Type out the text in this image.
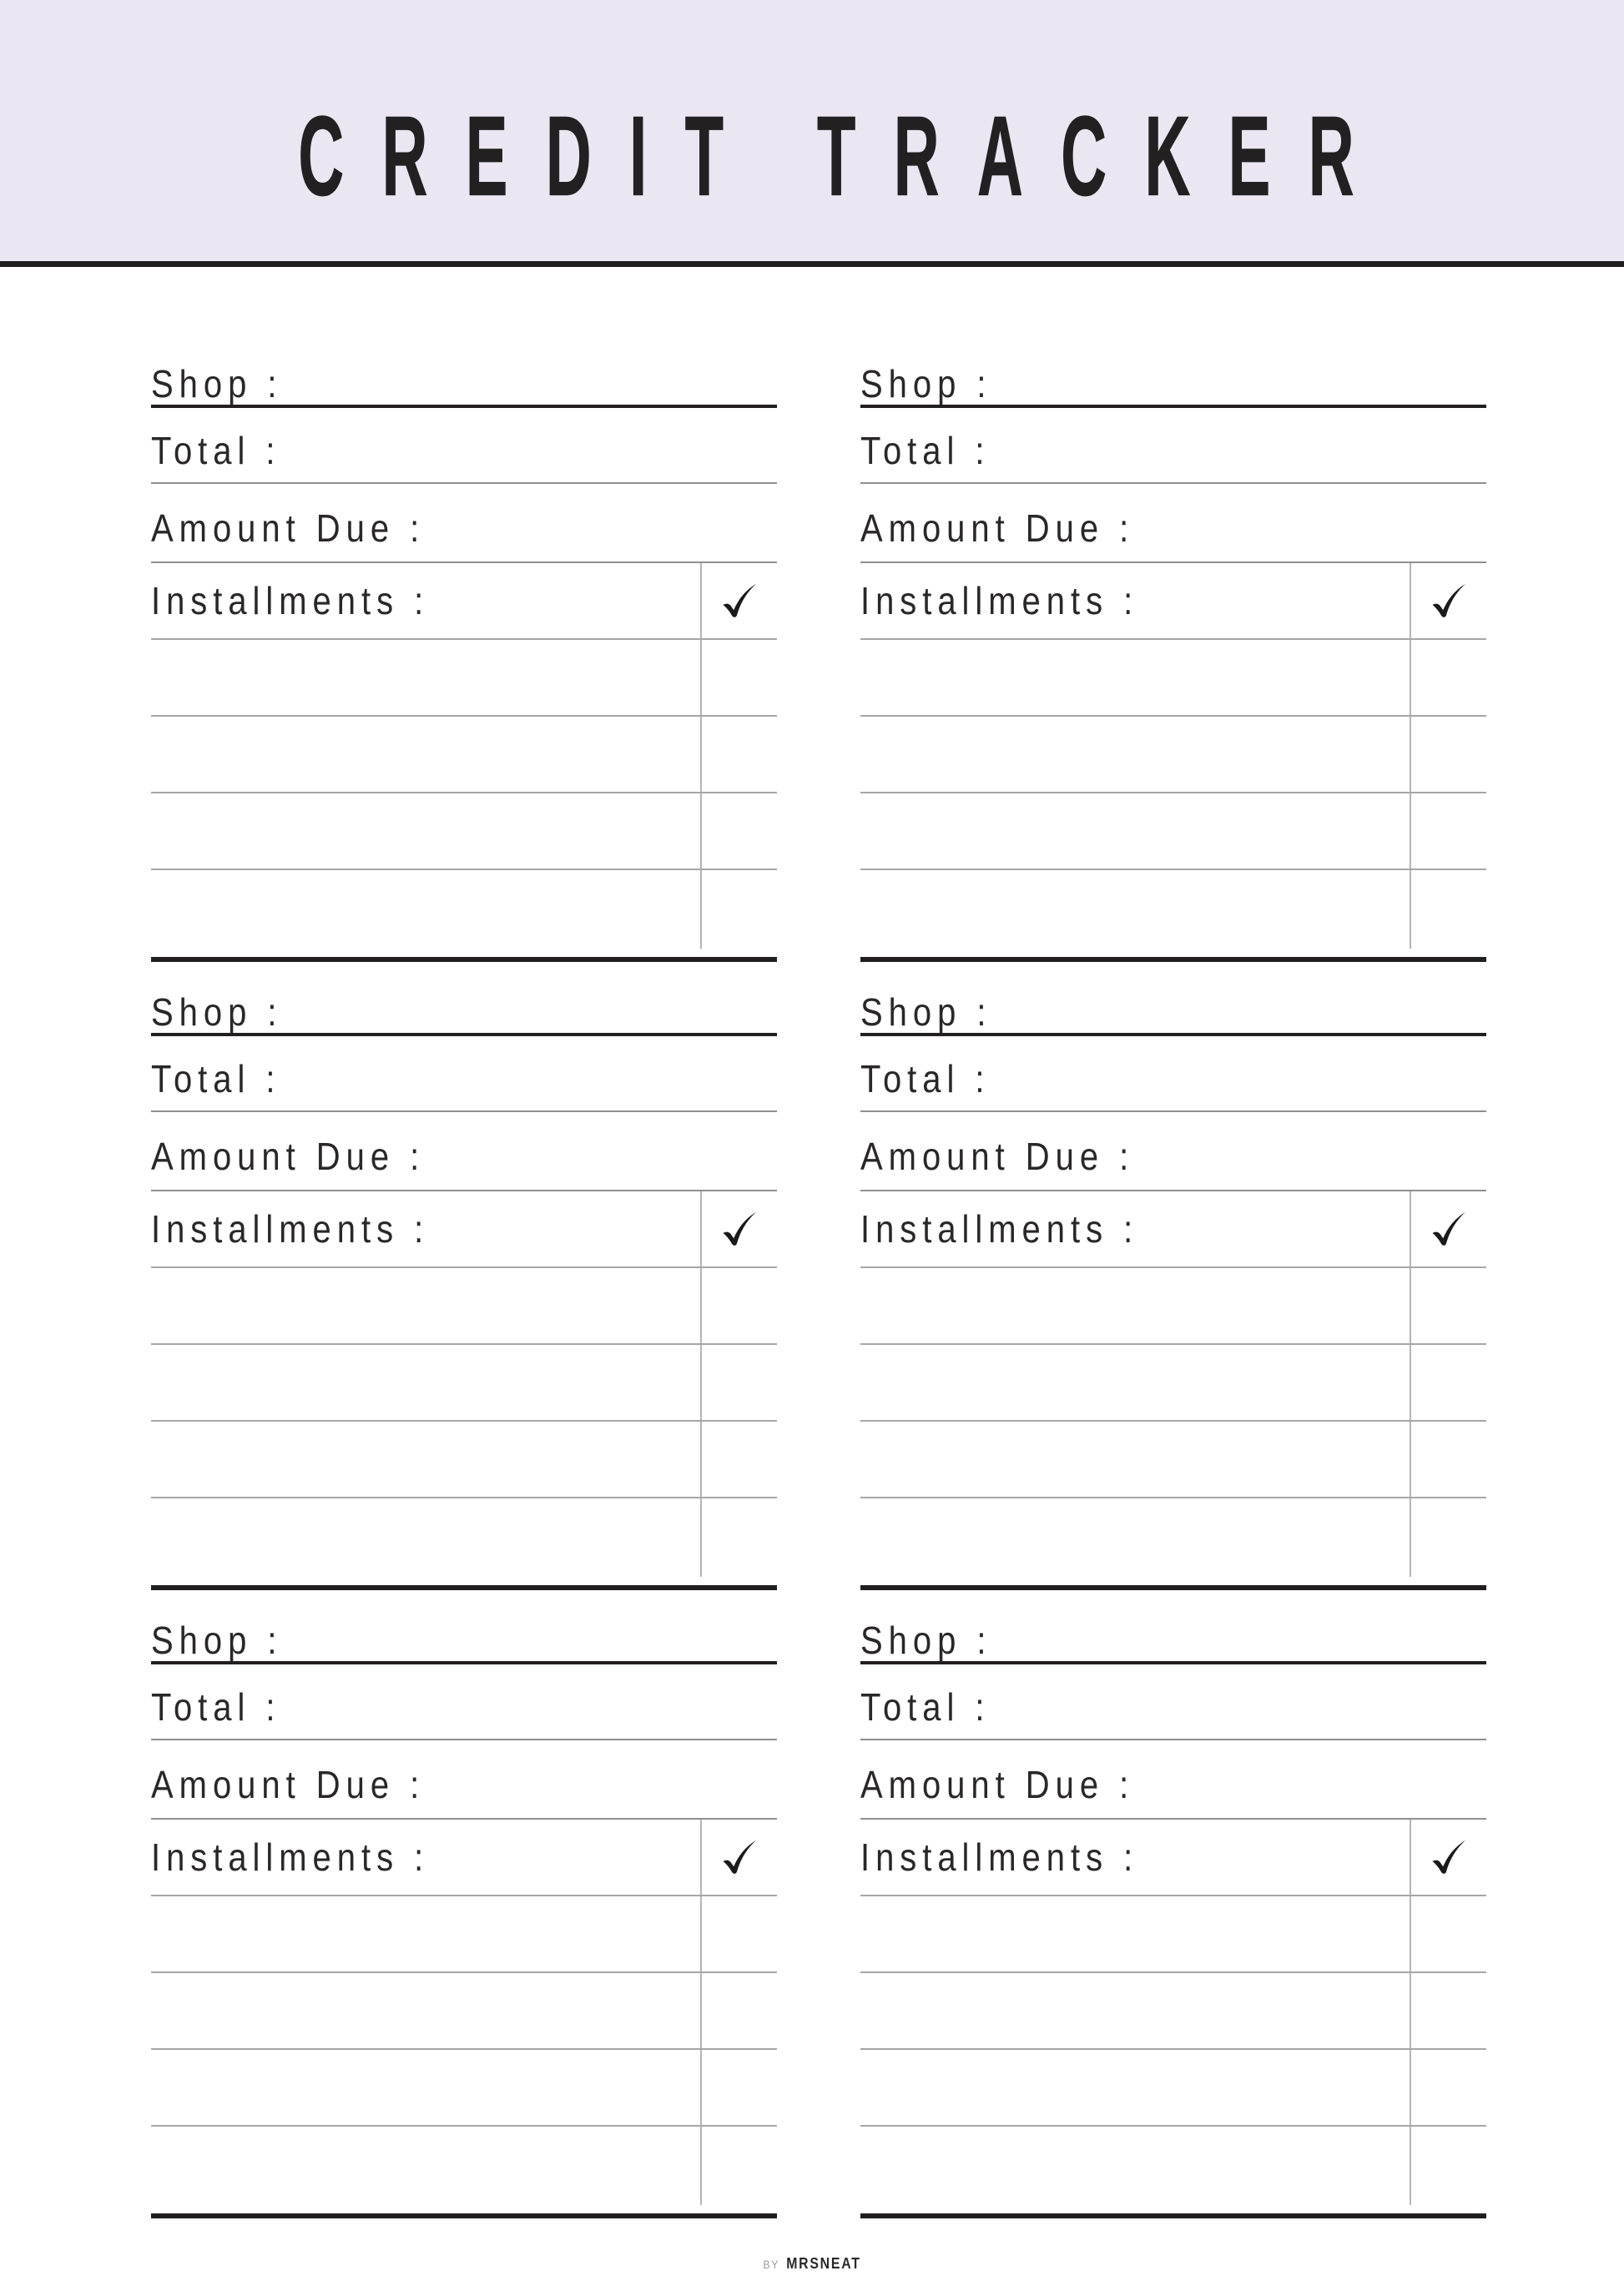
CREDIT TRACKER
Shop :
Total :
Amount Due :
Installments :
Shop :
Total :
Amount Due :
Installments :
Shop :
Total :
Amount Due :
Installments :
Shop :
Total :
Amount Due :
Installments :
Shop :
Total :
Amount Due :
Installments :
Shop :
Total :
Amount Due :
Installments :
BY MRSNEAT
